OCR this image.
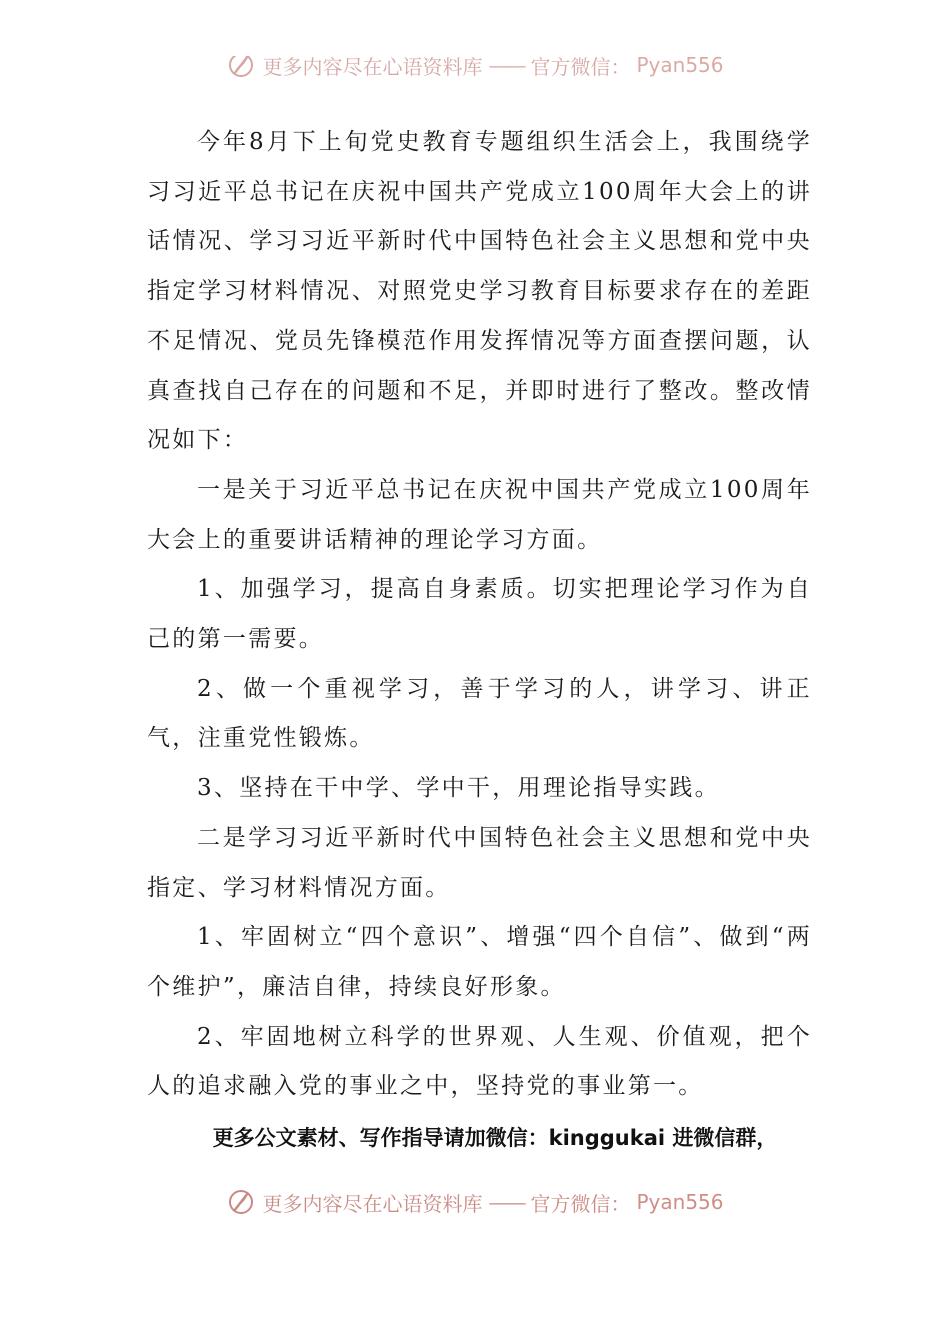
更多内容尽在心语资料库 —— 官方微信： Pyan556

今年8月下上旬党史教育专题组织生活会上，我围绕学习习近平总书记在庆祝中国共产党成立100周年大会上的讲话情况、学习习近平新时代中国特色社会主义思想和党中央指定学习材料情况、对照党史学习教育目标要求存在的差距不足情况、党员先锋模范作用发挥情况等方面查摆问题，认真查找自己存在的问题和不足，并即时进行了整改。整改情况如下：

一是关于习近平总书记在庆祝中国共产党成立100周年大会上的重要讲话精神的理论学习方面。

1、加强学习，提高自身素质。切实把理论学习作为自己的第一需要。

2、做一个重视学习，善于学习的人，讲学习、讲正气，注重党性锻炼。

3、坚持在干中学、学中干，用理论指导实践。

二是学习习近平新时代中国特色社会主义思想和党中央指定、学习材料情况方面。

1、牢固树立“四个意识”、增强“四个自信”、做到“两个维护”，廉洁自律，持续良好形象。

2、牢固地树立科学的世界观、人生观、价值观，把个人的追求融入党的事业之中，坚持党的事业第一。

更多公文素材、写作指导请加微信：kinggukai 进微信群，
更多内容尽在心语资料库 —— 官方微信： Pyan556
